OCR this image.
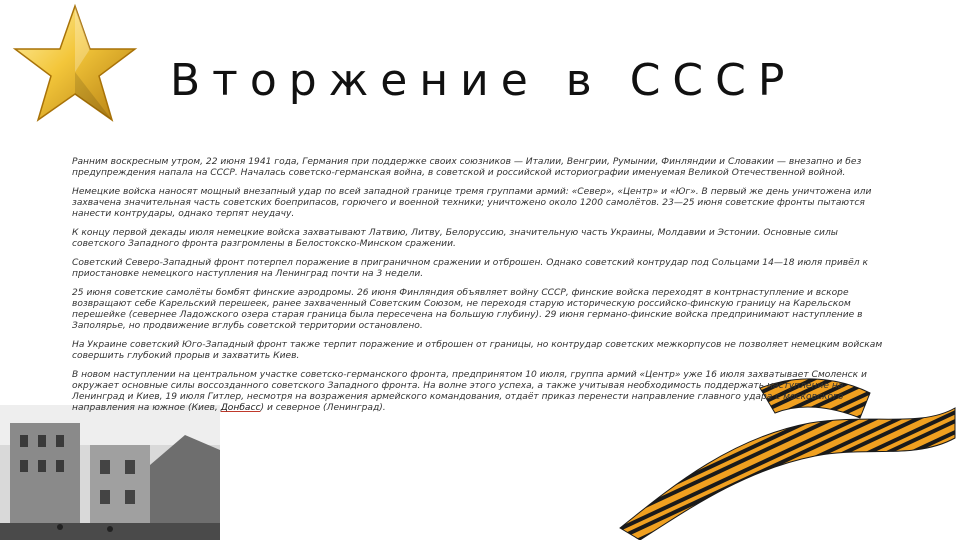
Вторжение в СССР

Ранним воскресным утром, 22 июня 1941 года, Германия при поддержке своих союзников — Италии, Венгрии, Румынии, Финляндии и Словакии — внезапно и без предупреждения напала на СССР. Началась советско-германская война, в советской и российской историографии именуемая Великой Отечественной войной.

Немецкие войска наносят мощный внезапный удар по всей западной границе тремя группами армий: «Север», «Центр» и «Юг». В первый же день уничтожена или захвачена значительная часть советских боеприпасов, горючего и военной техники; уничтожено около 1200 самолётов. 23—25 июня советские фронты пытаются нанести контрудары, однако терпят неудачу.

К концу первой декады июля немецкие войска захватывают Латвию, Литву, Белоруссию, значительную часть Украины, Молдавии и Эстонии. Основные силы советского Западного фронта разгромлены в Белостокско-Минском сражении.

Советский Северо-Западный фронт потерпел поражение в приграничном сражении и отброшен. Однако советский контрудар под Сольцами 14—18 июля привёл к приостановке немецкого наступления на Ленинград почти на 3 недели.

25 июня советские самолёты бомбят финские аэродромы. 26 июня Финляндия объявляет войну СССР, финские войска переходят в контрнаступление и вскоре возвращают себе Карельский перешеек, ранее захваченный Советским Союзом, не переходя старую историческую российско-финскую границу на Карельском перешейке (севернее Ладожского озера старая граница была пересечена на большую глубину). 29 июня германо-финские войска предпринимают наступление в Заполярье, но продвижение вглубь советской территории остановлено.

На Украине советский Юго-Западный фронт также терпит поражение и отброшен от границы, но контрудар советских межкорпусов не позволяет немецким войскам совершить глубокий прорыв и захватить Киев.

В новом наступлении на центральном участке советско-германского фронта, предпринятом 10 июля, группа армий «Центр» уже 16 июля захватывает Смоленск и окружает основные силы воссозданного советского Западного фронта. На волне этого успеха, а также учитывая необходимость поддержать наступление на Ленинград и Киев, 19 июля Гитлер, несмотря на возражения армейского командования, отдаёт приказ перенести направление главного удара с московского направления на южное (Киев, Донбасс) и северное (Ленинград).
